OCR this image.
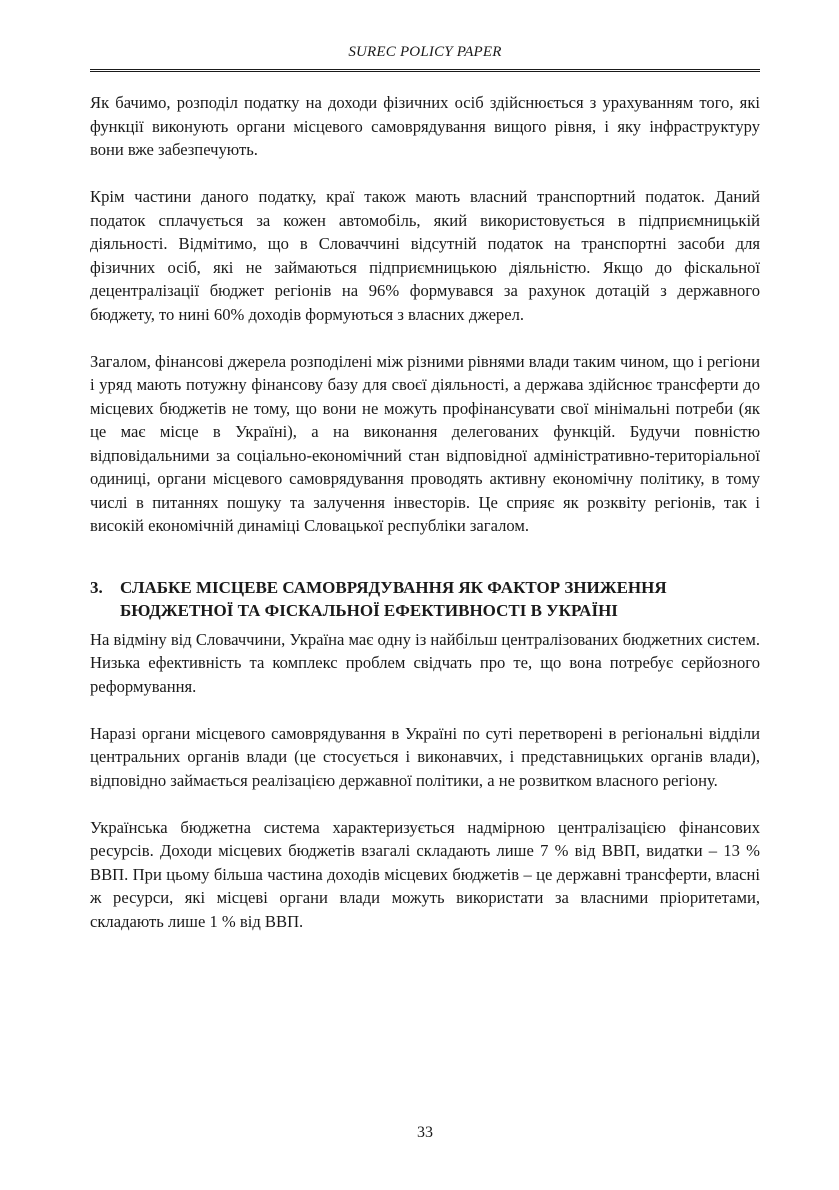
SUREC POLICY PAPER

Як бачимо, розподіл податку на доходи фізичних осіб здійснюється з урахуванням того, які функції виконують органи місцевого самоврядування вищого рівня, і яку інфраструктуру вони вже забезпечують.

Крім частини даного податку, краї також мають власний транспортний податок. Даний податок сплачується за кожен автомобіль, який використовується в підприємницькій діяльності. Відмітимо, що в Словаччині відсутній податок на транспортні засоби для фізичних осіб, які не займаються підприємницькою діяльністю. Якщо до фіскальної децентралізації бюджет регіонів на 96% формувався за рахунок дотацій з державного бюджету, то нині 60% доходів формуються з власних джерел.

Загалом, фінансові джерела розподілені між різними рівнями влади таким чином, що і регіони і уряд мають потужну фінансову базу для своєї діяльності, а держава здійснює трансферти до місцевих бюджетів не тому, що вони не можуть профінансувати свої мінімальні потреби (як це має місце в Україні), а на виконання делегованих функцій. Будучи повністю відповідальними за соціально-економічний стан відповідної адміністративно-територіальної одиниці, органи місцевого самоврядування проводять активну економічну політику, в тому числі в питаннях пошуку та залучення інвесторів. Це сприяє як розквіту регіонів, так і високій економічній динаміці Словацької республіки загалом.

3.	СЛАБКЕ МІСЦЕВЕ САМОВРЯДУВАННЯ ЯК ФАКТОР ЗНИЖЕННЯ БЮДЖЕТНОЇ ТА ФІСКАЛЬНОЇ ЕФЕКТИВНОСТІ В УКРАЇНІ

На відміну від Словаччини, Україна має одну із найбільш централізованих бюджетних систем. Низька ефективність та комплекс проблем свідчать про те, що вона потребує серйозного реформування.

Наразі органи місцевого самоврядування в Україні по суті перетворені в регіональні відділи центральних органів влади (це стосується і виконавчих, і представницьких органів влади), відповідно займається реалізацією державної політики, а не розвитком власного регіону.

Українська бюджетна система характеризується надмірною централізацією фінансових ресурсів. Доходи місцевих бюджетів взагалі складають лише 7 % від ВВП, видатки – 13 % ВВП. При цьому більша частина доходів місцевих бюджетів – це державні трансферти, власні ж ресурси, які місцеві органи влади можуть використати за власними пріоритетами, складають лише 1 % від ВВП.

33
